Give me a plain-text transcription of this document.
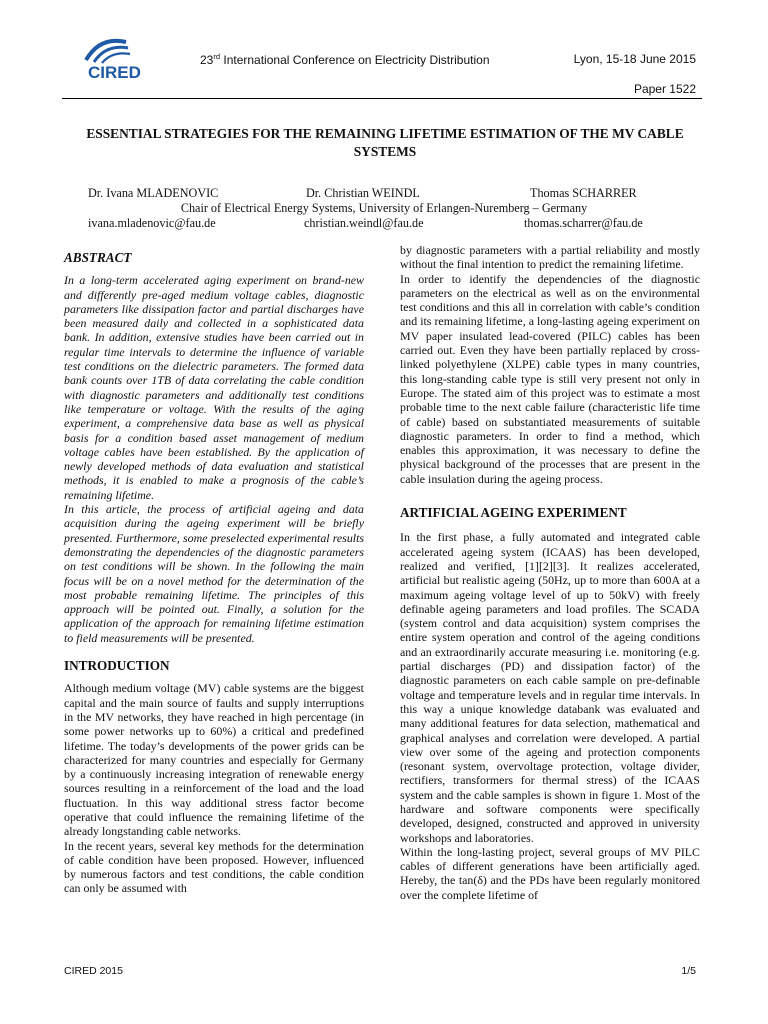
CIRED
23rd International Conference on Electricity Distribution	Lyon, 15-18 June 2015
Paper 1522
ESSENTIAL STRATEGIES FOR THE REMAINING LIFETIME ESTIMATION OF THE MV CABLE SYSTEMS
Dr. Ivana MLADENOVIC	Dr. Christian WEINDL	Thomas SCHARRER
Chair of Electrical Energy Systems, University of Erlangen-Nuremberg – Germany
ivana.mladenovic@fau.de	christian.weindl@fau.de	thomas.scharrer@fau.de
ABSTRACT

In a long-term accelerated aging experiment on brand-new and differently pre-aged medium voltage cables, diagnostic parameters like dissipation factor and partial discharges have been measured daily and collected in a sophisticated data bank. In addition, extensive studies have been carried out in regular time intervals to determine the influence of variable test conditions on the dielectric parameters. The formed data bank counts over 1TB of data correlating the cable condition with diagnostic parameters and additionally test conditions like temperature or voltage. With the results of the aging experiment, a comprehensive data base as well as physical basis for a condition based asset management of medium voltage cables have been established. By the application of newly developed methods of data evaluation and statistical methods, it is enabled to make a prognosis of the cable’s remaining lifetime.

In this article, the process of artificial ageing and data acquisition during the ageing experiment will be briefly presented. Furthermore, some preselected experimental results demonstrating the dependencies of the diagnostic parameters on test conditions will be shown. In the following the main focus will be on a novel method for the determination of the most probable remaining lifetime. The principles of this approach will be pointed out. Finally, a solution for the application of the approach for remaining lifetime estimation to field measurements will be presented.

INTRODUCTION

Although medium voltage (MV) cable systems are the biggest capital and the main source of faults and supply interruptions in the MV networks, they have reached in high percentage (in some power networks up to 60%) a critical and predefined lifetime. The today’s developments of the power grids can be characterized for many countries and especially for Germany by a continuously increasing integration of renewable energy sources resulting in a reinforcement of the load and the load fluctuation. In this way additional stress factor become operative that could influence the remaining lifetime of the already longstanding cable networks.

In the recent years, several key methods for the determination of cable condition have been proposed. However, influenced by numerous factors and test conditions, the cable condition can only be assumed with

by diagnostic parameters with a partial reliability and mostly without the final intention to predict the remaining lifetime.

In order to identify the dependencies of the diagnostic parameters on the electrical as well as on the environmental test conditions and this all in correlation with cable’s condition and its remaining lifetime, a long-lasting ageing experiment on MV paper insulated lead-covered (PILC) cables has been carried out. Even they have been partially replaced by cross-linked polyethylene (XLPE) cable types in many countries, this long-standing cable type is still very present not only in Europe. The stated aim of this project was to estimate a most probable time to the next cable failure (characteristic life time of cable) based on substantiated measurements of suitable diagnostic parameters. In order to find a method, which enables this approximation, it was necessary to define the physical background of the processes that are present in the cable insulation during the ageing process.

ARTIFICIAL AGEING EXPERIMENT

In the first phase, a fully automated and integrated cable accelerated ageing system (ICAAS) has been developed, realized and verified, [1][2][3]. It realizes accelerated, artificial but realistic ageing (50Hz, up to more than 600A at a maximum ageing voltage level of up to 50kV) with freely definable ageing parameters and load profiles. The SCADA (system control and data acquisition) system comprises the entire system operation and control of the ageing conditions and an extraordinarily accurate measuring i.e. monitoring (e.g. partial discharges (PD) and dissipation factor) of the diagnostic parameters on each cable sample on pre-definable voltage and temperature levels and in regular time intervals. In this way a unique knowledge databank was evaluated and many additional features for data selection, mathematical and graphical analyses and correlation were developed. A partial view over some of the ageing and protection components (resonant system, overvoltage protection, voltage divider, rectifiers, transformers for thermal stress) of the ICAAS system and the cable samples is shown in figure 1. Most of the hardware and software components were specifically developed, designed, constructed and approved in university workshops and laboratories.

Within the long-lasting project, several groups of MV PILC cables of different generations have been artificially aged. Hereby, the tan(δ) and the PDs have been regularly monitored over the complete lifetime of

CIRED 2015	1/5
